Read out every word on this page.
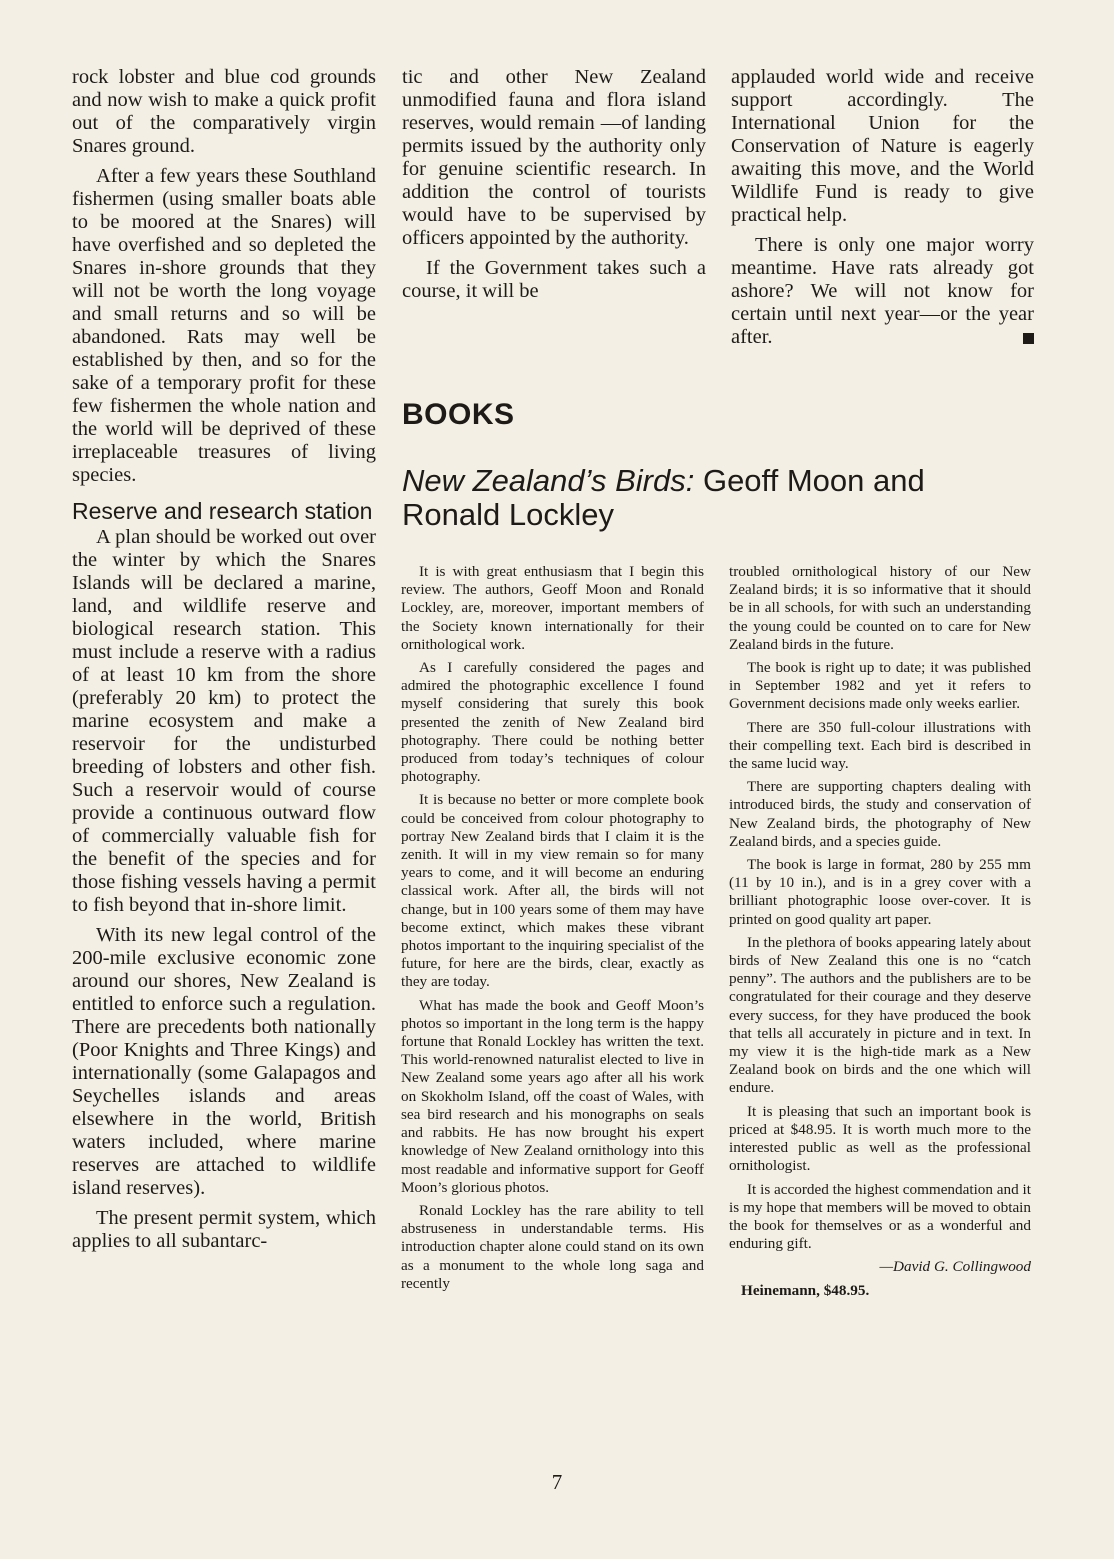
rock lobster and blue cod grounds and now wish to make a quick profit out of the comparatively virgin Snares ground.

After a few years these Southland fishermen (using smaller boats able to be moored at the Snares) will have overfished and so depleted the Snares in-shore grounds that they will not be worth the long voyage and small returns and so will be abandoned. Rats may well be established by then, and so for the sake of a temporary profit for these few fishermen the whole nation and the world will be deprived of these irreplaceable treasures of living species.

Reserve and research station

A plan should be worked out over the winter by which the Snares Islands will be declared a marine, land, and wildlife reserve and biological research station. This must include a reserve with a radius of at least 10 km from the shore (preferably 20 km) to protect the marine ecosystem and make a reservoir for the undisturbed breeding of lobsters and other fish. Such a reservoir would of course provide a continuous outward flow of commercially valuable fish for the benefit of the species and for those fishing vessels having a permit to fish beyond that in-shore limit.

With its new legal control of the 200-mile exclusive economic zone around our shores, New Zealand is entitled to enforce such a regulation. There are precedents both nationally (Poor Knights and Three Kings) and internationally (some Galapagos and Seychelles islands and areas elsewhere in the world, British waters included, where marine reserves are attached to wildlife island reserves).

The present permit system, which applies to all subantarc-

tic and other New Zealand unmodified fauna and flora island reserves, would remain —of landing permits issued by the authority only for genuine scientific research. In addition the control of tourists would have to be supervised by officers appointed by the authority.

If the Government takes such a course, it will be

applauded world wide and receive support accordingly. The International Union for the Conservation of Nature is eagerly awaiting this move, and the World Wildlife Fund is ready to give practical help.

There is only one major worry meantime. Have rats already got ashore? We will not know for certain until next year—or the year after.

BOOKS
New Zealand’s Birds: Geoff Moon and Ronald Lockley

It is with great enthusiasm that I begin this review. The authors, Geoff Moon and Ronald Lockley, are, moreover, important members of the Society known internationally for their ornithological work.

As I carefully considered the pages and admired the photographic excellence I found myself considering that surely this book presented the zenith of New Zealand bird photography. There could be nothing better produced from today’s techniques of colour photography.

It is because no better or more complete book could be conceived from colour photography to portray New Zealand birds that I claim it is the zenith. It will in my view remain so for many years to come, and it will become an enduring classical work. After all, the birds will not change, but in 100 years some of them may have become extinct, which makes these vibrant photos important to the inquiring specialist of the future, for here are the birds, clear, exactly as they are today.

What has made the book and Geoff Moon’s photos so important in the long term is the happy fortune that Ronald Lockley has written the text. This world-renowned naturalist elected to live in New Zealand some years ago after all his work on Skokholm Island, off the coast of Wales, with sea bird research and his monographs on seals and rabbits. He has now brought his expert knowledge of New Zealand ornithology into this most readable and informative support for Geoff Moon’s glorious photos.

Ronald Lockley has the rare ability to tell abstruseness in understandable terms. His introduction chapter alone could stand on its own as a monument to the whole long saga and recently

troubled ornithological history of our New Zealand birds; it is so informative that it should be in all schools, for with such an understanding the young could be counted on to care for New Zealand birds in the future.

The book is right up to date; it was published in September 1982 and yet it refers to Government decisions made only weeks earlier.

There are 350 full-colour illustrations with their compelling text. Each bird is described in the same lucid way.

There are supporting chapters dealing with introduced birds, the study and conservation of New Zealand birds, the photography of New Zealand birds, and a species guide.

The book is large in format, 280 by 255 mm (11 by 10 in.), and is in a grey cover with a brilliant photographic loose over-cover. It is printed on good quality art paper.

In the plethora of books appearing lately about birds of New Zealand this one is no “catch penny”. The authors and the publishers are to be congratulated for their courage and they deserve every success, for they have produced the book that tells all accurately in picture and in text. In my view it is the high-tide mark as a New Zealand book on birds and the one which will endure.

It is pleasing that such an important book is priced at $48.95. It is worth much more to the interested public as well as the professional ornithologist.

It is accorded the highest commendation and it is my hope that members will be moved to obtain the book for themselves or as a wonderful and enduring gift.

—David G. Collingwood

Heinemann, $48.95.

7
